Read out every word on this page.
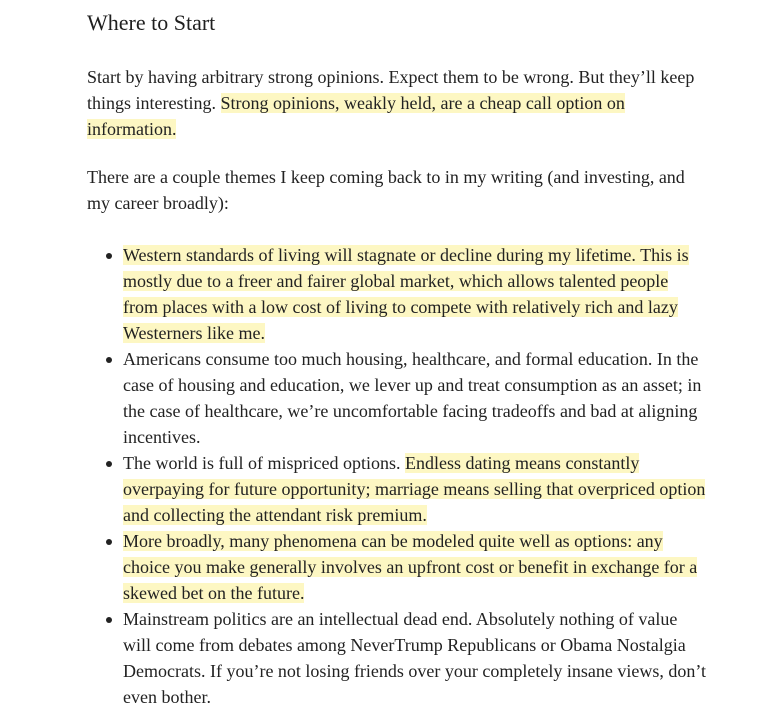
Where to Start

Start by having arbitrary strong opinions. Expect them to be wrong. But they’ll keep things interesting. Strong opinions, weakly held, are a cheap call option on information.

There are a couple themes I keep coming back to in my writing (and investing, and my career broadly):

Western standards of living will stagnate or decline during my lifetime. This is mostly due to a freer and fairer global market, which allows talented people from places with a low cost of living to compete with relatively rich and lazy Westerners like me.
Americans consume too much housing, healthcare, and formal education. In the case of housing and education, we lever up and treat consumption as an asset; in the case of healthcare, we’re uncomfortable facing tradeoffs and bad at aligning incentives.
The world is full of mispriced options. Endless dating means constantly overpaying for future opportunity; marriage means selling that overpriced option and collecting the attendant risk premium.
More broadly, many phenomena can be modeled quite well as options: any choice you make generally involves an upfront cost or benefit in exchange for a skewed bet on the future.
Mainstream politics are an intellectual dead end. Absolutely nothing of value will come from debates among NeverTrump Republicans or Obama Nostalgia Democrats. If you’re not losing friends over your completely insane views, don’t even bother.
